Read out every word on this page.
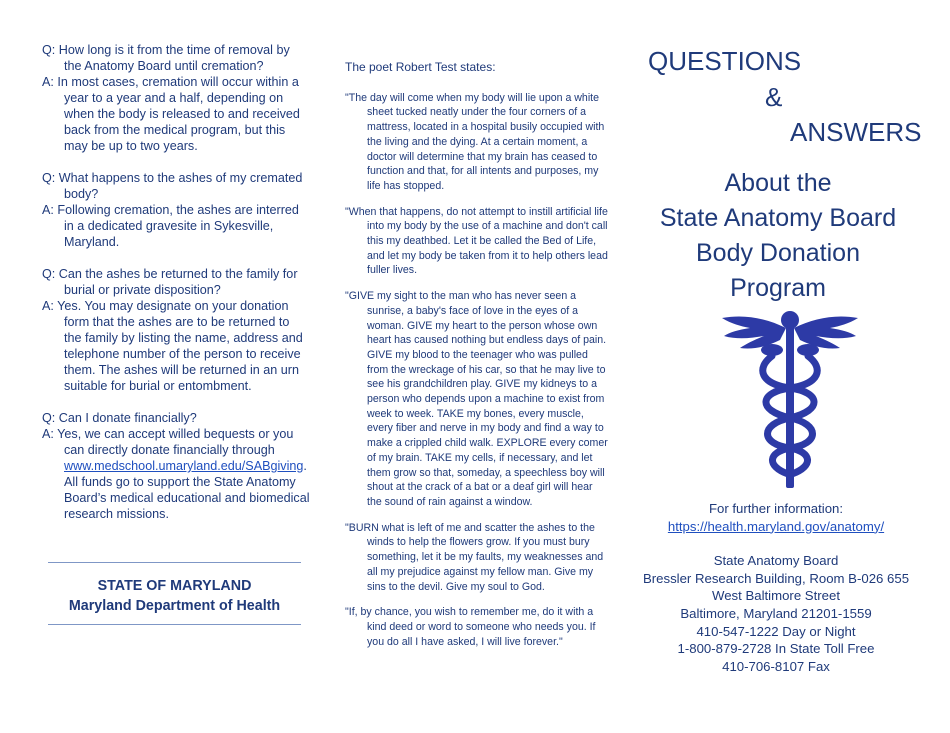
Q: How long is it from the time of removal by the Anatomy Board until cremation?
A: In most cases, cremation will occur within a year to a year and a half, depending on when the body is released to and received back from the medical program, but this may be up to two years.
Q: What happens to the ashes of my cremated body?
A: Following cremation, the ashes are interred in a dedicated gravesite in Sykesville, Maryland.
Q: Can the ashes be returned to the family for burial or private disposition?
A: Yes. You may designate on your donation form that the ashes are to be returned to the family by listing the name, address and telephone number of the person to receive them. The ashes will be returned in an urn suitable for burial or entombment.
Q: Can I donate financially?
A: Yes, we can accept willed bequests or you can directly donate financially through www.medschool.umaryland.edu/SABgiving. All funds go to support the State Anatomy Board’s medical educational and biomedical research missions.
STATE OF MARYLAND
Maryland Department of Health
The poet Robert Test states:
"The day will come when my body will lie upon a white sheet tucked neatly under the four corners of a mattress, located in a hospital busily occupied with the living and the dying. At a certain moment, a doctor will determine that my brain has ceased to function and that, for all intents and purposes, my life has stopped.
"When that happens, do not attempt to instill artificial life into my body by the use of a machine and don't call this my deathbed. Let it be called the Bed of Life, and let my body be taken from it to help others lead fuller lives.
"GIVE my sight to the man who has never seen a sunrise, a baby's face of love in the eyes of a woman. GIVE my heart to the person whose own heart has caused nothing but endless days of pain. GIVE my blood to the teenager who was pulled from the wreckage of his car, so that he may live to see his grandchildren play. GIVE my kidneys to a person who depends upon a machine to exist from week to week. TAKE my bones, every muscle, every fiber and nerve in my body and find a way to make a crippled child walk. EXPLORE every comer of my brain. TAKE my cells, if necessary, and let them grow so that, someday, a speechless boy will shout at the crack of a bat or a deaf girl will hear the sound of rain against a window.
"BURN what is left of me and scatter the ashes to the winds to help the flowers grow. If you must bury something, let it be my faults, my weaknesses and all my prejudice against my fellow man. Give my sins to the devil. Give my soul to God.
"If, by chance, you wish to remember me, do it with a kind deed or word to someone who needs you. If you do all I have asked, I will live forever."
QUESTIONS
&
ANSWERS
About the
State Anatomy Board
Body Donation
Program
For further information:
https://health.maryland.gov/anatomy/
State Anatomy Board
Bressler Research Building, Room B-026 655
West Baltimore Street
Baltimore, Maryland 21201-1559
410-547-1222 Day or Night
1-800-879-2728 In State Toll Free
410-706-8107 Fax
